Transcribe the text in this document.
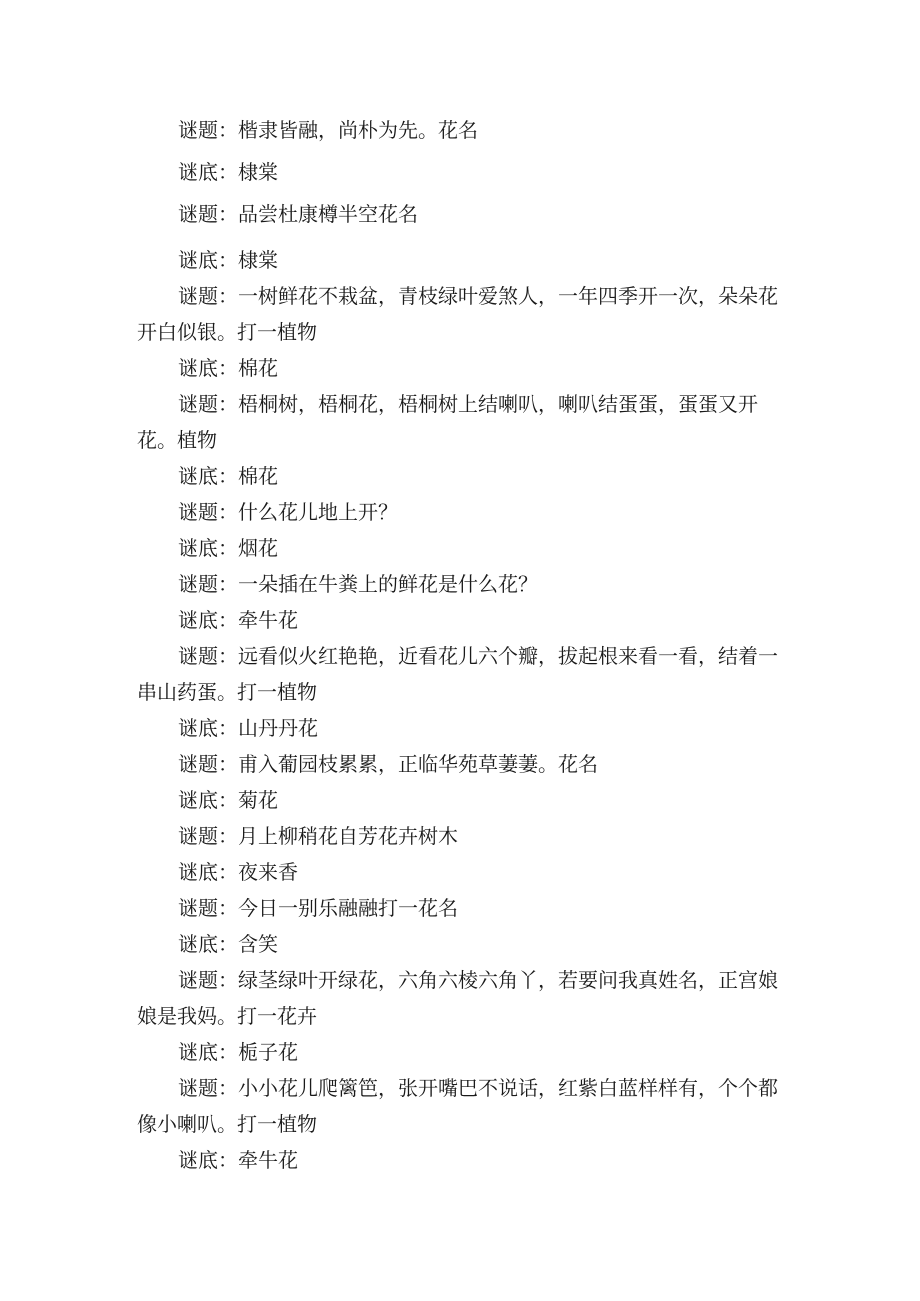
谜题：楷隶皆融，尚朴为先。花名

谜底：棣棠

谜题：品尝杜康樽半空花名

谜底：棣棠

谜题：一树鲜花不栽盆，青枝绿叶爱煞人，一年四季开一次，朵朵花开白似银。打一植物

谜底：棉花

谜题：梧桐树，梧桐花，梧桐树上结喇叭，喇叭结蛋蛋，蛋蛋又开花。植物

谜底：棉花

谜题：什么花儿地上开？

谜底：烟花

谜题：一朵插在牛粪上的鲜花是什么花？

谜底：牵牛花

谜题：远看似火红艳艳，近看花儿六个瓣，拔起根来看一看，结着一串山药蛋。打一植物

谜底：山丹丹花

谜题：甫入葡园枝累累，正临华苑草萋萋。花名

谜底：菊花

谜题：月上柳稍花自芳花卉树木

谜底：夜来香

谜题：今日一别乐融融打一花名

谜底：含笑

谜题：绿茎绿叶开绿花，六角六棱六角丫，若要问我真姓名，正宫娘娘是我妈。打一花卉

谜底：栀子花

谜题：小小花儿爬篱笆，张开嘴巴不说话，红紫白蓝样样有，个个都像小喇叭。打一植物

谜底：牵牛花
